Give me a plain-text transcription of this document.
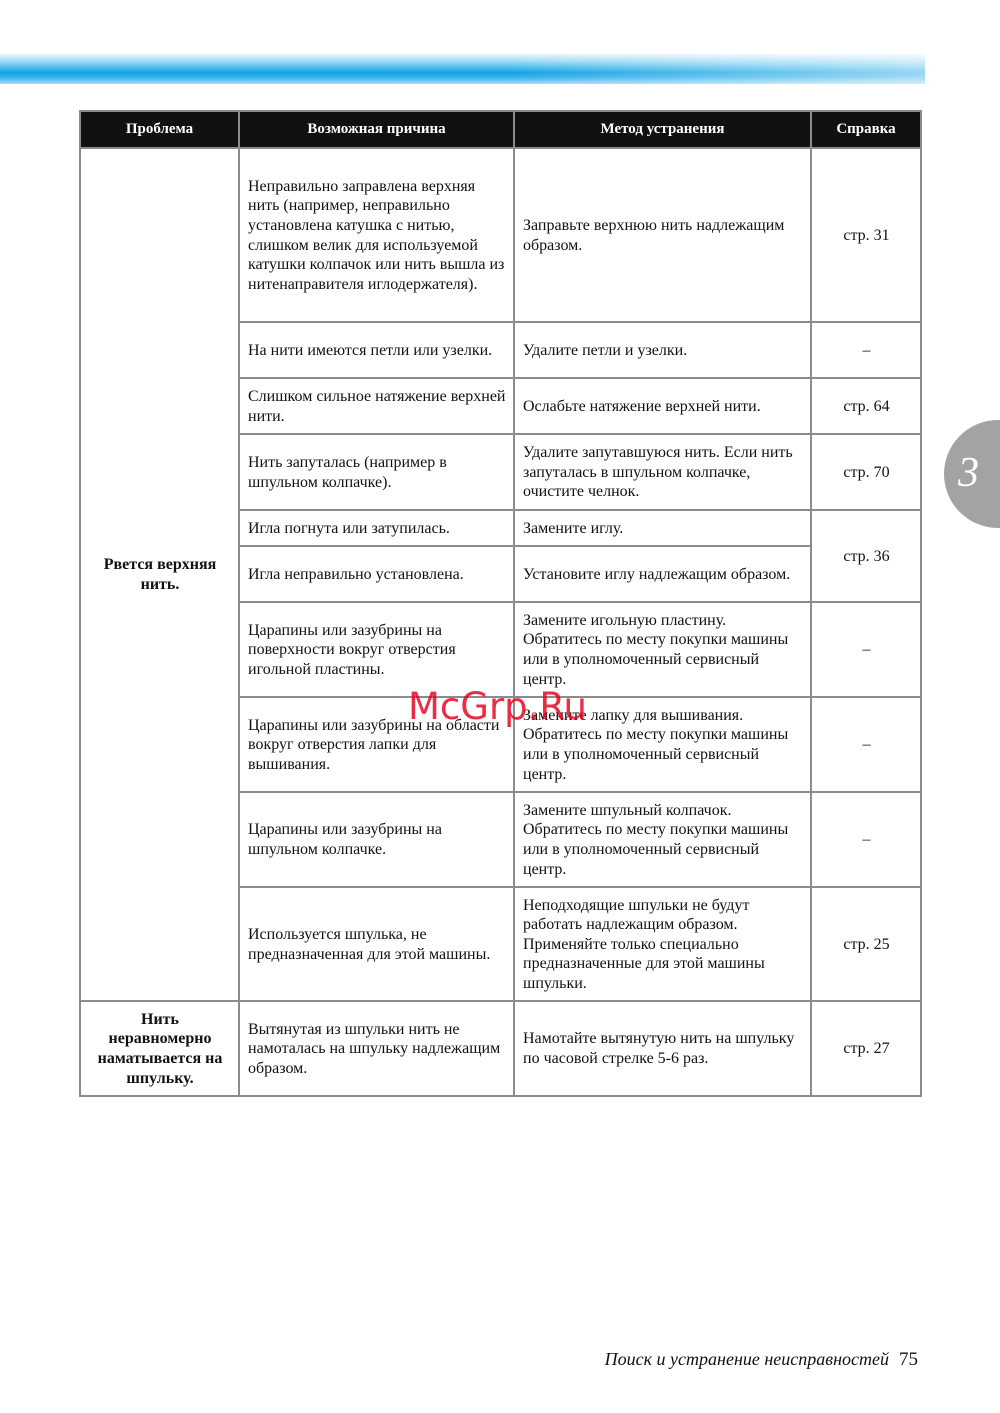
Проблема	Возможная причина	Метод устранения	Справка
Рвется верхняя нить.	Неправильно заправлена верхняя нить (например, неправильно установлена катушка с нитью, слишком велик для используемой катушки колпачок или нить вышла из нитенаправителя иглодержателя).	Заправьте верхнюю нить надлежащим образом.	стр. 31
	На нити имеются петли или узелки.	Удалите петли и узелки.	–
	Слишком сильное натяжение верхней нити.	Ослабьте натяжение верхней нити.	стр. 64
	Нить запуталась (например в шпульном колпачке).	Удалите запутавшуюся нить. Если нить запуталась в шпульном колпачке, очистите челнок.	стр. 70
	Игла погнута или затупилась.	Замените иглу.	стр. 36
	Игла неправильно установлена.	Установите иглу надлежащим образом.	
	Царапины или зазубрины на поверхности вокруг отверстия игольной пластины.	Замените игольную пластину. Обратитесь по месту покупки машины или в уполномоченный сервисный центр.	–
	Царапины или зазубрины на области вокруг отверстия лапки для вышивания.	Замените лапку для вышивания. Обратитесь по месту покупки машины или в уполномоченный сервисный центр.	–
	Царапины или зазубрины на шпульном колпачке.	Замените шпульный колпачок. Обратитесь по месту покупки машины или в уполномоченный сервисный центр.	–
	Используется шпулька, не предназначенная для этой машины.	Неподходящие шпульки не будут работать надлежащим образом. Применяйте только специально предназначенные для этой машины шпульки.	стр. 25
Нить неравномерно наматывается на шпульку.	Вытянутая из шпульки нить не намоталась на шпульку надлежащим образом.	Намотайте вытянутую нить на шпульку по часовой стрелке 5-6 раз.	стр. 27
3
McGrp.Ru
Поиск и устранение неисправностей 75
